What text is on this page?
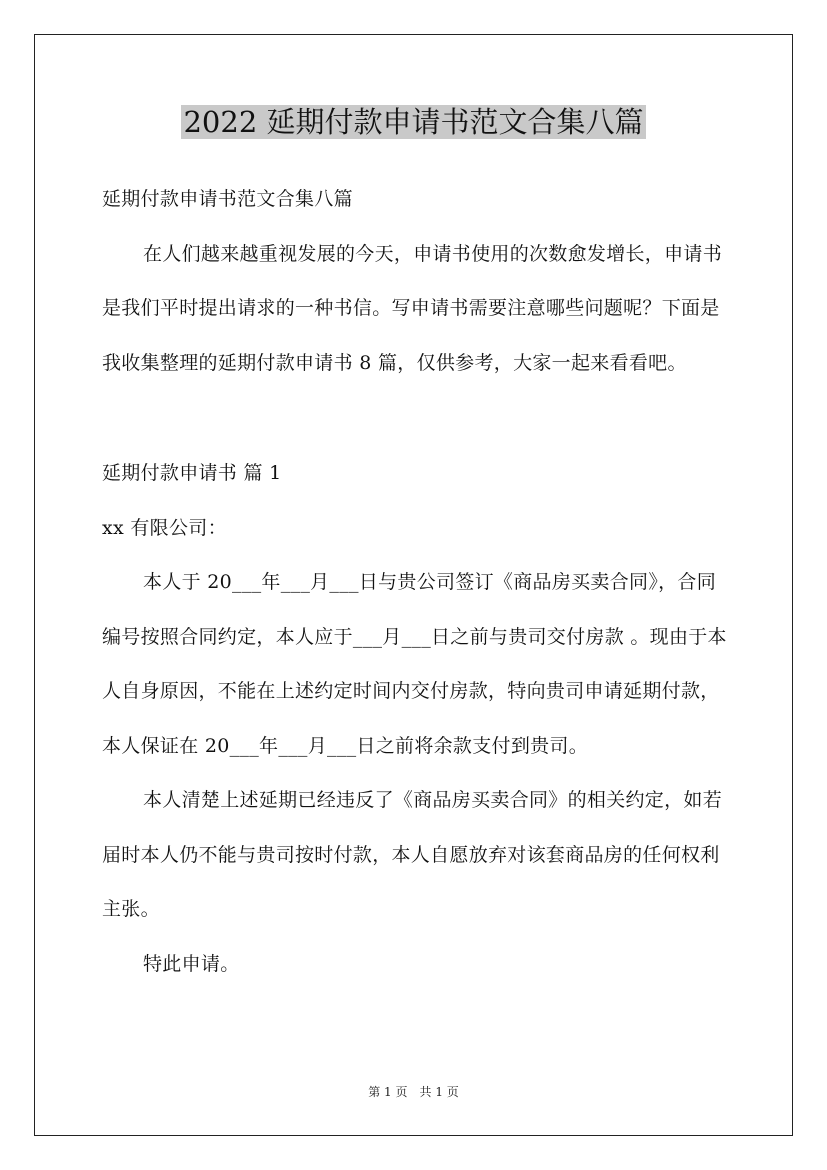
2022 延期付款申请书范文合集八篇

延期付款申请书范文合集八篇

在人们越来越重视发展的今天，申请书使用的次数愈发增长，申请书是我们平时提出请求的一种书信。写申请书需要注意哪些问题呢？下面是我收集整理的延期付款申请书 8 篇，仅供参考，大家一起来看看吧。

延期付款申请书 篇 1

xx 有限公司：

本人于 20___年___月___日与贵公司签订《商品房买卖合同》，合同编号按照合同约定，本人应于___月___日之前与贵司交付房款 。现由于本人自身原因，不能在上述约定时间内交付房款，特向贵司申请延期付款，本人保证在 20___年___月___日之前将余款支付到贵司。

本人清楚上述延期已经违反了《商品房买卖合同》的相关约定，如若届时本人仍不能与贵司按时付款，本人自愿放弃对该套商品房的任何权利主张。

特此申请。

第 1 页　共 1 页
